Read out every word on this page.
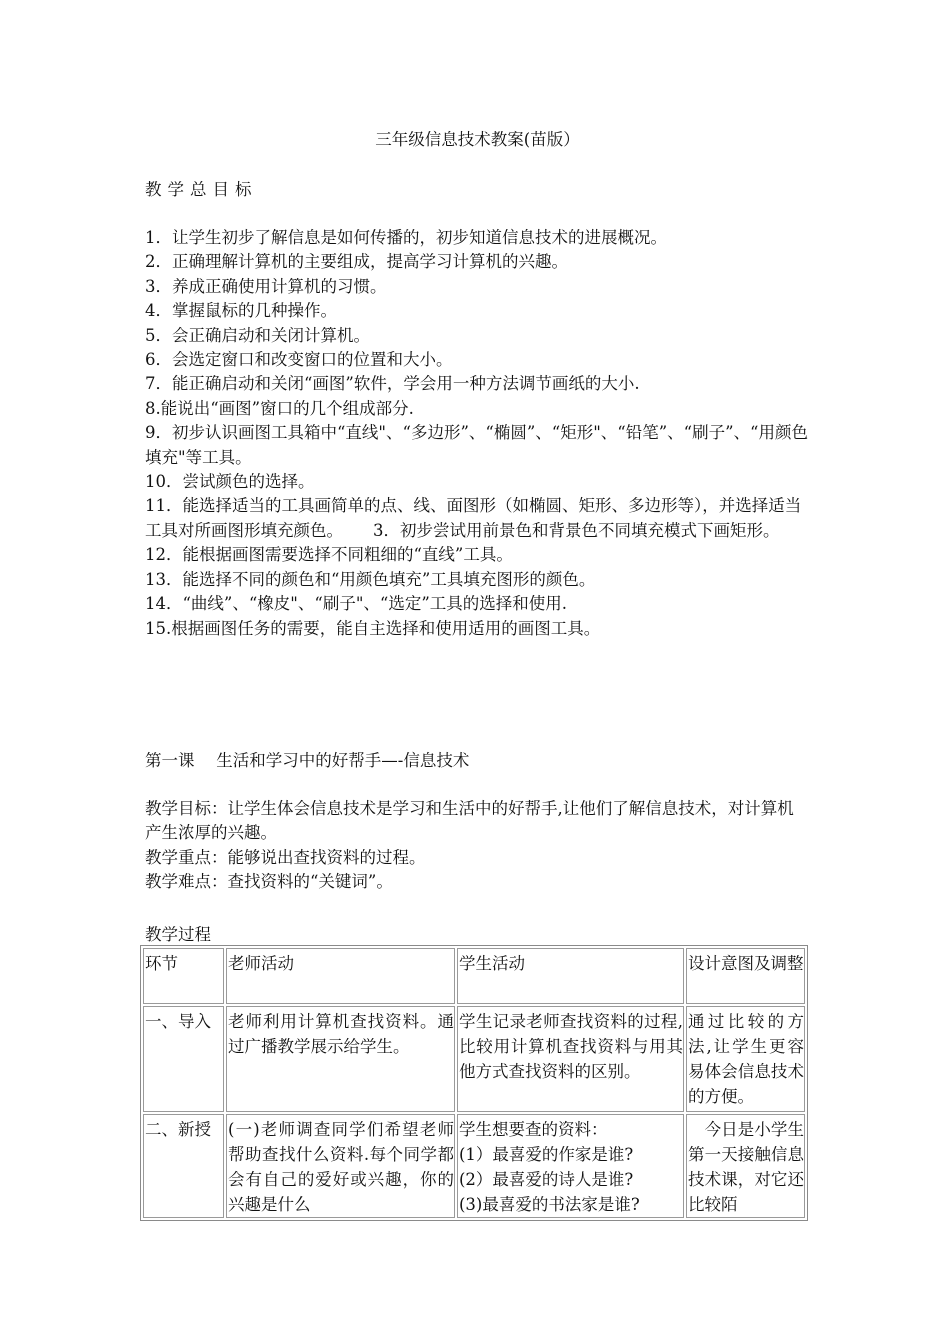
三年级信息技术教案(苗版）
教学总目标
1．让学生初步了解信息是如何传播的，初步知道信息技术的进展概况。
2．正确理解计算机的主要组成，提高学习计算机的兴趣。
3．养成正确使用计算机的习惯。
4．掌握鼠标的几种操作。
5．会正确启动和关闭计算机。
6．会选定窗口和改变窗口的位置和大小。
7．能正确启动和关闭“画图”软件，学会用一种方法调节画纸的大小.
8.能说出“画图”窗口的几个组成部分.
9．初步认识画图工具箱中“直线"、“多边形”、“椭圆”、“矩形"、“铅笔”、“刷子”、“用颜色填充"等工具。
10．尝试颜色的选择。
11．能选择适当的工具画简单的点、线、面图形（如椭圆、矩形、多边形等），并选择适当工具对所画图形填充颜色。　　 3．初步尝试用前景色和背景色不同填充模式下画矩形。
12．能根据画图需要选择不同粗细的“直线”工具。
13．能选择不同的颜色和“用颜色填充”工具填充图形的颜色。
14．“曲线”、“橡皮"、“刷子"、“选定”工具的选择和使用.
15.根据画图任务的需要，能自主选择和使用适用的画图工具。
第一课　 生活和学习中的好帮手—-信息技术
教学目标：让学生体会信息技术是学习和生活中的好帮手,让他们了解信息技术，对计算机产生浓厚的兴趣。
教学重点：能够说出查找资料的过程。
教学难点：查找资料的“关键词”。
教学过程
环节	老师活动	学生活动	设计意图及调整
一、导入	老师利用计算机查找资料。通过广播教学展示给学生。	学生记录老师查找资料的过程,比较用计算机查找资料与用其他方式查找资料的区别。	通过比较的方法,让学生更容易体会信息技术的方便。

二、新授	(一)老师调查同学们希望老师帮助查找什么资料.每个同学都会有自己的爱好或兴趣，你的兴趣是什么	学生想要查的资料：
(1）最喜爱的作家是谁?
(2）最喜爱的诗人是谁?
(3)最喜爱的书法家是谁?	　今日是小学生第一天接触信息技术课，对它还比较陌
